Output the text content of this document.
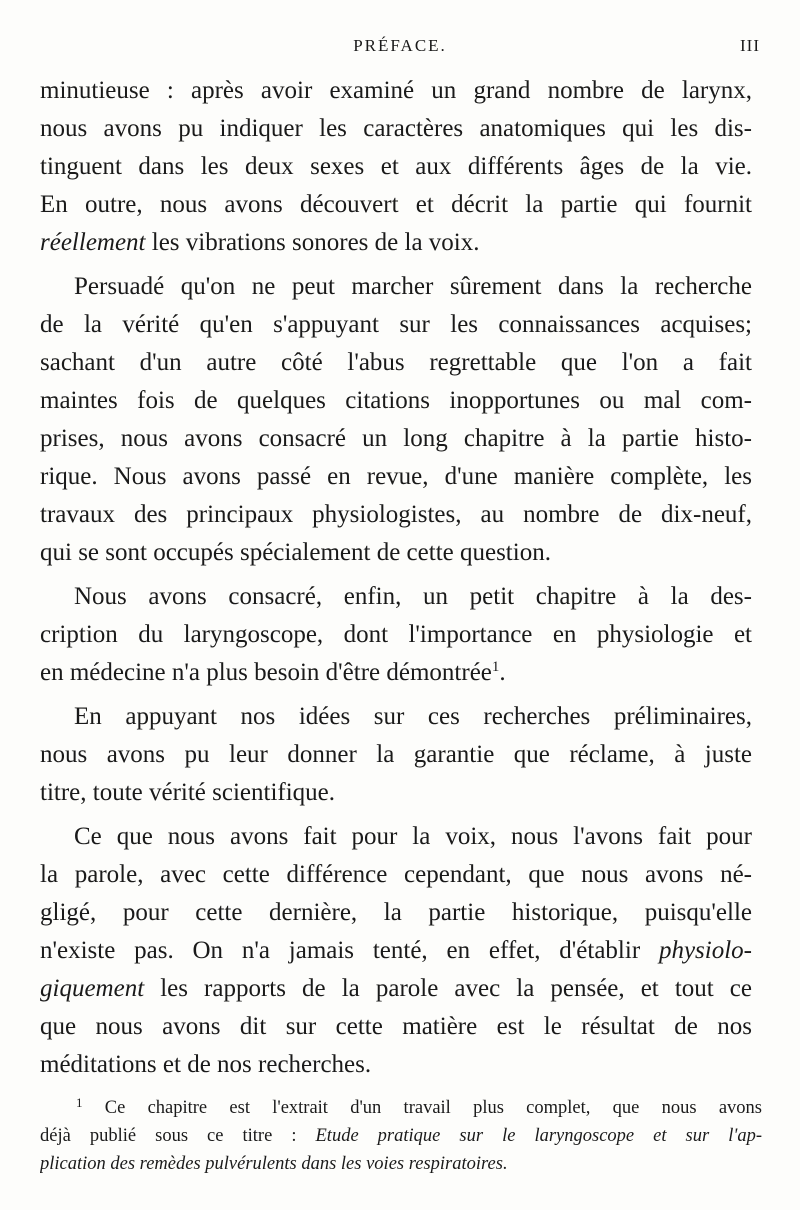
PRÉFACE.	III
minutieuse : après avoir examiné un grand nombre de larynx,
nous avons pu indiquer les caractères anatomiques qui les dis-
tinguent dans les deux sexes et aux différents âges de la vie.
En outre, nous avons découvert et décrit la partie qui fournit
réellement les vibrations sonores de la voix.
Persuadé qu'on ne peut marcher sûrement dans la recherche
de la vérité qu'en s'appuyant sur les connaissances acquises;
sachant d'un autre côté l'abus regrettable que l'on a fait
maintes fois de quelques citations inopportunes ou mal com-
prises, nous avons consacré un long chapitre à la partie histo-
rique. Nous avons passé en revue, d'une manière complète, les
travaux des principaux physiologistes, au nombre de dix-neuf,
qui se sont occupés spécialement de cette question.
Nous avons consacré, enfin, un petit chapitre à la des-
cription du laryngoscope, dont l'importance en physiologie et
en médecine n'a plus besoin d'être démontrée$^1$.
En appuyant nos idées sur ces recherches préliminaires,
nous avons pu leur donner la garantie que réclame, à juste
titre, toute vérité scientifique.
Ce que nous avons fait pour la voix, nous l'avons fait pour
la parole, avec cette différence cependant, que nous avons né-
gligé, pour cette dernière, la partie historique, puisqu'elle
n'existe pas. On n'a jamais tenté, en effet, d'établir physiolo-
giquement les rapports de la parole avec la pensée, et tout ce
que nous avons dit sur cette matière est le résultat de nos
méditations et de nos recherches.
$^1$ Ce chapitre est l'extrait d'un travail plus complet, que nous avons
déjà publié sous ce titre : Etude pratique sur le laryngoscope et sur l'ap-
plication des remèdes pulvérulents dans les voies respiratoires.
